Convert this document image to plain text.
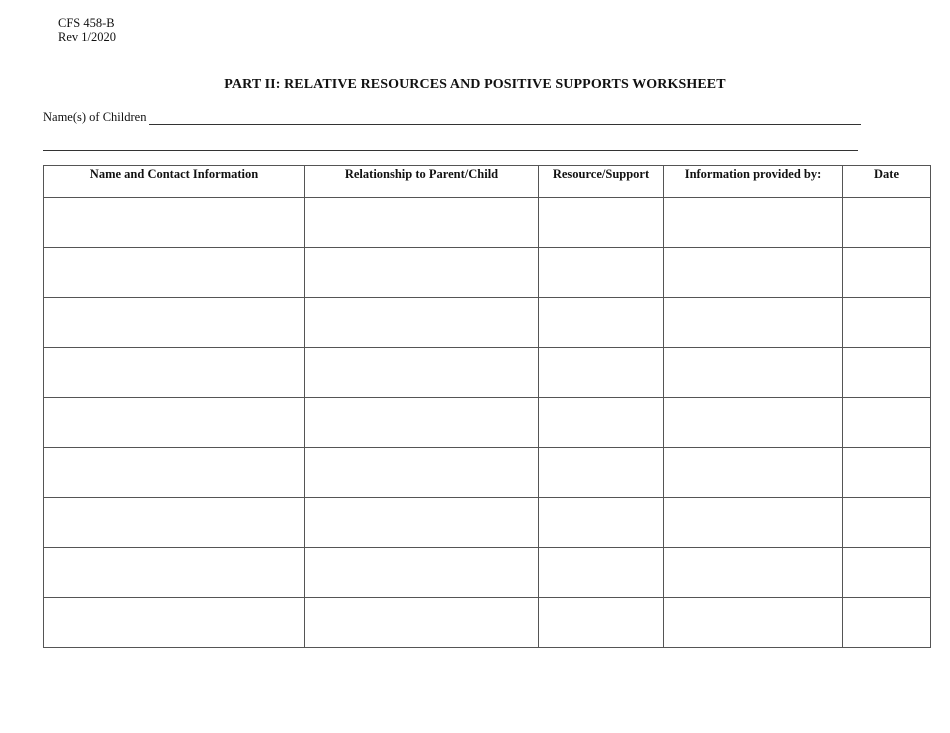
CFS 458-B
Rev 1/2020
PART II: RELATIVE RESOURCES AND POSITIVE SUPPORTS WORKSHEET
Name(s) of Children
Name and Contact Information	Relationship to Parent/Child	Resource/Support	Information provided by:	Date
